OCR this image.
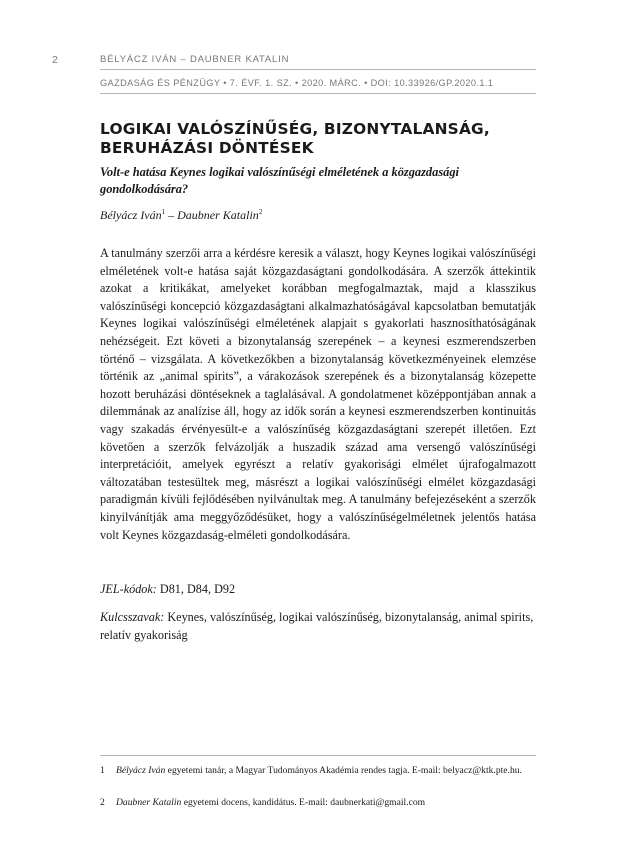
2	BÉLYÁCZ IVÁN – DAUBNER KATALIN
GAZDASÁG ÉS PÉNZÜGY • 7. ÉVF. 1. SZ. • 2020. MÁRC. • DOI: 10.33926/GP.2020.1.1
LOGIKAI VALÓSZÍNŰSÉG, BIZONYTALANSÁG, BERUHÁZÁSI DÖNTÉSEK

Volt-e hatása Keynes logikai valószínűségi elméletének a közgazdasági gondolkodására?

Bélyácz Iván$^1$ – Daubner Katalin$^2$

A tanulmány szerzői arra a kérdésre keresik a választ, hogy Keynes logikai valószínűségi elméletének volt-e hatása saját közgazdaságtani gondolkodására. A szerzők áttekintik azokat a kritikákat, amelyeket korábban megfogalmaztak, majd a klasszikus valószínűségi koncepció közgazdaságtani alkalmazhatóságával kapcsolatban bemutatják Keynes logikai valószínűségi elméletének alapjait s gyakorlati hasznosíthatóságának nehézségeit. Ezt követi a bizonytalanság szerepének – a keynesi eszmerendszerben történő – vizsgálata. A következőkben a bizonytalanság következményeinek elemzése történik az „animal spirits”, a várakozások szerepének és a bizonytalanság közepette hozott beruházási döntéseknek a taglalásával. A gondolatmenet középpontjában annak a dilemmának az analízise áll, hogy az idők során a keynesi eszmerendszerben kontinuitás vagy szakadás érvényesült-e a valószínűség közgazdaságtani szerepét illetően. Ezt követően a szerzők felvázolják a huszadik század ama versengő valószínűségi interpretációit, amelyek egyrészt a relatív gyakorisági elmélet újrafogalmazott változatában testesültek meg, másrészt a logikai valószínűségi elmélet közgazdasági paradigmán kívüli fejlődésében nyilvánultak meg. A tanulmány befejezéseként a szerzők kinyilvánítják ama meggyőződésüket, hogy a valószínűségelméletnek jelentős hatása volt Keynes közgazdaság-elméleti gondolkodására.

JEL-kódok: D81, D84, D92

Kulcsszavak: Keynes, valószínűség, logikai valószínűség, bizonytalanság, animal spirits, relatív gyakoriság

1 Bélyácz Iván egyetemi tanár, a Magyar Tudományos Akadémia rendes tagja. E-mail: belyacz@ktk.pte.hu.

2 Daubner Katalin egyetemi docens, kandidátus. E-mail: daubnerkati@gmail.com
